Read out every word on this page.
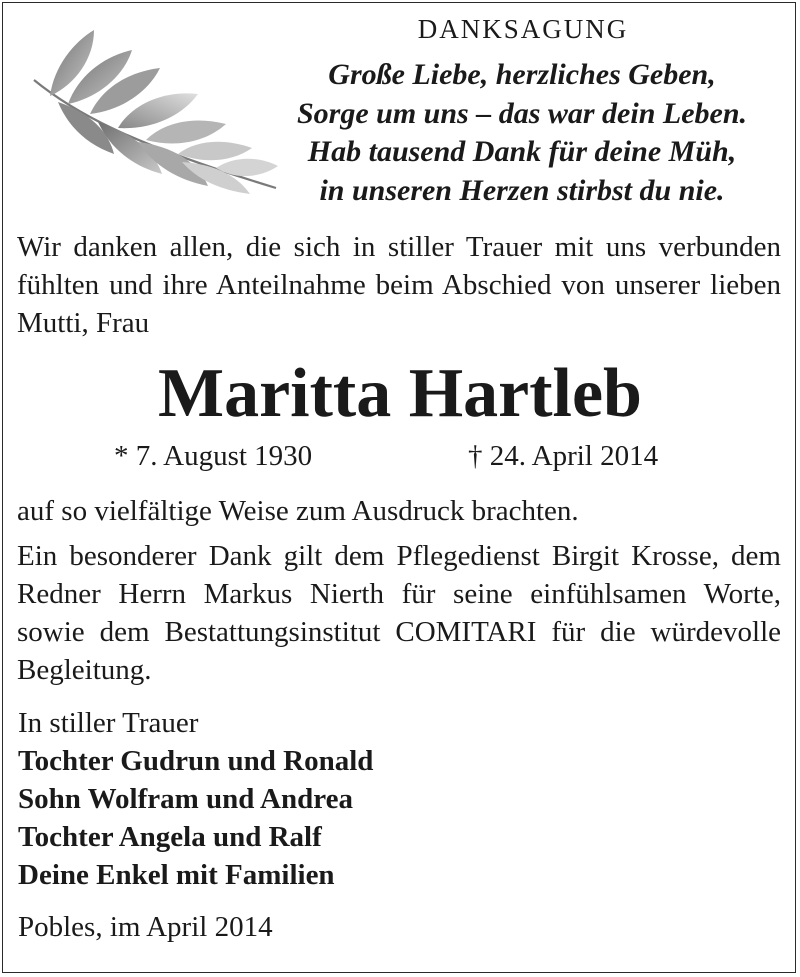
DANKSAGUNG
Große Liebe, herzliches Geben,
Sorge um uns – das war dein Leben.
Hab tausend Dank für deine Müh,
in unseren Herzen stirbst du nie.
Wir danken allen, die sich in stiller Trauer mit uns verbunden fühlten und ihre Anteilnahme beim Abschied von unserer lieben Mutti, Frau
Maritta Hartleb
* 7. August 1930	† 24. April 2014
auf so vielfältige Weise zum Ausdruck brachten.
Ein besonderer Dank gilt dem Pflegedienst Birgit Krosse, dem Redner Herrn Markus Nierth für seine einfühlsamen Worte, sowie dem Bestattungsinstitut COMITARI für die würdevolle Begleitung.
In stiller Trauer
Tochter Gudrun und Ronald
Sohn Wolfram und Andrea
Tochter Angela und Ralf
Deine Enkel mit Familien
Pobles, im April 2014
